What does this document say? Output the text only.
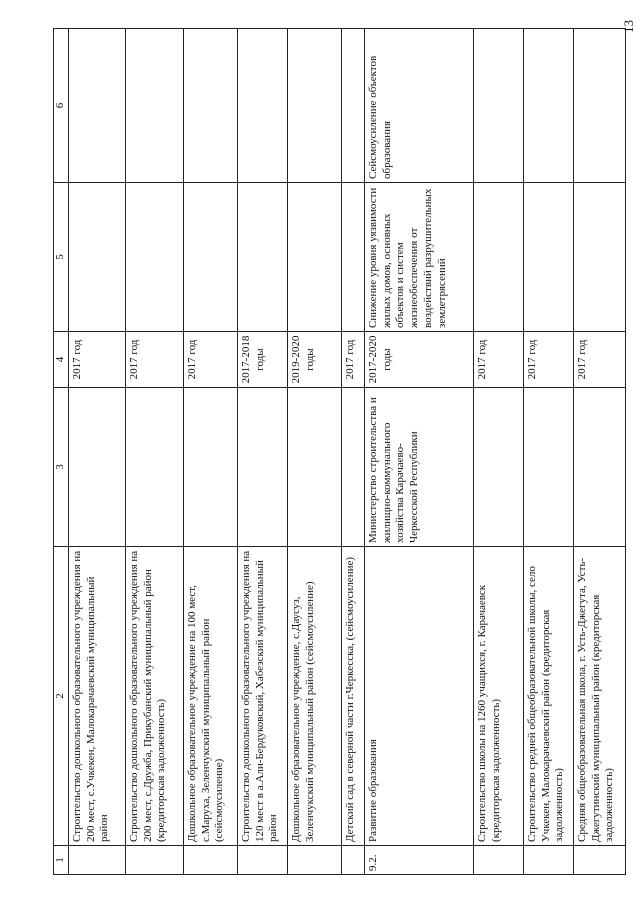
13
1	2	3	4	5	6
	Строительство дошкольного образовательного учреждения на 200 мест, с.Учкекен, Малокарачаевский муниципальный район		2017 год		
	Строительство дошкольного образовательного учреждения на 200 мест, с.Дружба, Прикубанский муниципальный район (кредиторская задолженность)		2017 год		
	Дошкольное образовательное учреждение на 100 мест, с.Маруха, Зеленчукский муниципальный район (сейсмоусиление)		2017 год		
	Строительство дошкольного образовательного учреждения на 120 мест в а.Али-Бердуковский, Хабезский муниципальный район		2017-2018 годы		
	Дошкольное образовательное учреждение, с.Даусуз, Зеленчукский муниципальный район (сейсмоусиление)		2019-2020 годы		
	Детский сад в северной части г.Черкесска, (сейсмоусиление)		2017 год		
9.2.	Развитие образования	Министерство строительства и жилищно-коммунального хозяйства Карачаево-Черкесской Республики	2017-2020 годы	Снижение уровня уязвимости жилых домов, основных объектов и систем жизнеобеспечения от воздействий разрушительных землетрясений	Сейсмоусиление объектов образования
	Строительство школы на 1260 учащихся, г. Карачаевск (кредиторская задолженность)		2017 год		
	Строительство средней общеобразовательной школы, село Учкекен, Малокарачаевский район (кредиторская задолженность)		2017 год		
	Средняя общеобразовательная школа, г. Усть-Джегута, Усть-Джегутинский муниципальный район (кредиторская задолженность)		2017 год		
